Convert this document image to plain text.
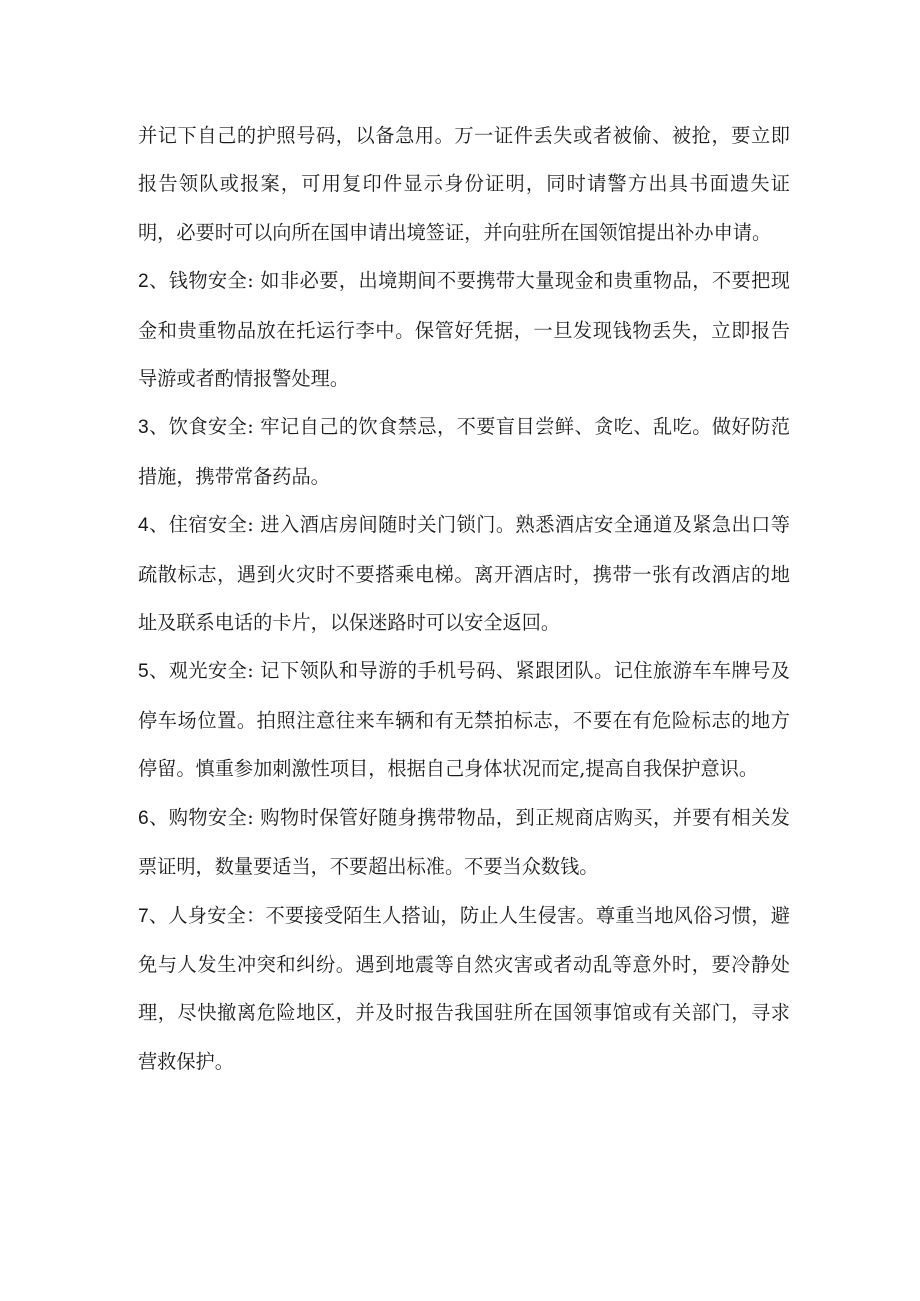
并记下自己的护照号码，以备急用。万一证件丢失或者被偷、被抢，要立即报告领队或报案，可用复印件显示身份证明，同时请警方出具书面遗失证明，必要时可以向所在国申请出境签证，并向驻所在国领馆提出补办申请。

2、钱物安全: 如非必要，出境期间不要携带大量现金和贵重物品，不要把现金和贵重物品放在托运行李中。保管好凭据，一旦发现钱物丢失，立即报告导游或者酌情报警处理。

3、饮食安全: 牢记自己的饮食禁忌，不要盲目尝鲜、贪吃、乱吃。做好防范措施，携带常备药品。

4、住宿安全: 进入酒店房间随时关门锁门。熟悉酒店安全通道及紧急出口等疏散标志，遇到火灾时不要搭乘电梯。离开酒店时，携带一张有改酒店的地址及联系电话的卡片，以保迷路时可以安全返回。

5、观光安全: 记下领队和导游的手机号码、紧跟团队。记住旅游车车牌号及停车场位置。拍照注意往来车辆和有无禁拍标志，不要在有危险标志的地方停留。慎重参加刺激性项目，根据自己身体状况而定,提高自我保护意识。

6、购物安全: 购物时保管好随身携带物品，到正规商店购买，并要有相关发票证明，数量要适当，不要超出标准。不要当众数钱。

7、人身安全：不要接受陌生人搭讪，防止人生侵害。尊重当地风俗习惯，避免与人发生冲突和纠纷。遇到地震等自然灾害或者动乱等意外时，要冷静处理，尽快撤离危险地区，并及时报告我国驻所在国领事馆或有关部门，寻求营救保护。
